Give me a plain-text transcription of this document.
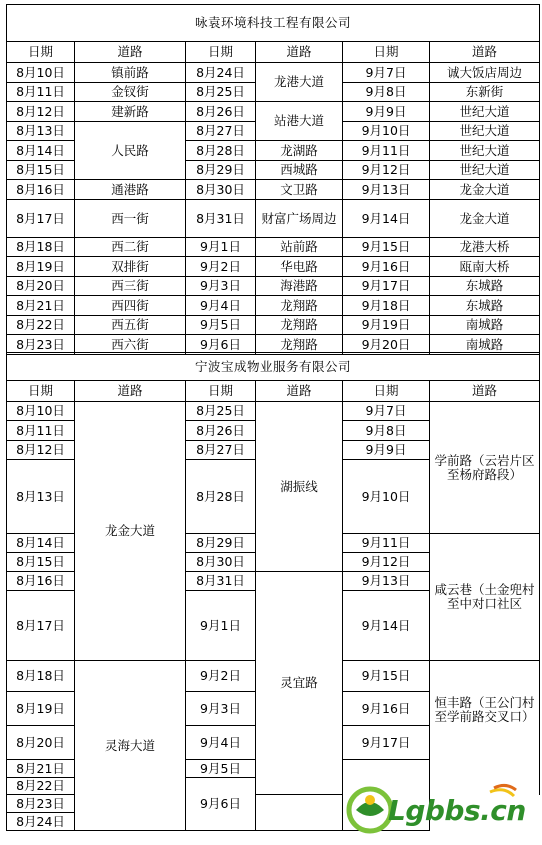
咏袁环境科技工程有限公司					
日期	道路	日期	道路	日期	道路
8月10日	镇前路	8月24日	龙港大道	9月7日	诚大饭店周边
8月11日	金钗街	8月25日		9月8日	东新街
8月12日	建新路	8月26日	站港大道	9月9日	世纪大道
8月13日	人民路	8月27日		9月10日	世纪大道
8月14日		8月28日	龙湖路	9月11日	世纪大道
8月15日		8月29日	西城路	9月12日	世纪大道
8月16日	通港路	8月30日	文卫路	9月13日	龙金大道
8月17日	西一街	8月31日	财富广场周边	9月14日	龙金大道
8月18日	西二街	9月1日	站前路	9月15日	龙港大桥
8月19日	双排街	9月2日	华电路	9月16日	瓯南大桥
8月20日	西三街	9月3日	海港路	9月17日	东城路
8月21日	西四街	9月4日	龙翔路	9月18日	东城路
8月22日	西五街	9月5日	龙翔路	9月19日	南城路
8月23日	西六街	9月6日	龙翔路	9月20日	南城路
宁波宝成物业服务有限公司					
日期	道路	日期	道路	日期	道路
8月10日	龙金大道	8月25日	湖振线	9月7日	学前路（云岩片区至杨府路段）
8月11日		8月26日		9月8日	
8月12日		8月27日		9月9日	
8月13日		8月28日		9月10日	
8月14日		8月29日		9月11日	咸云巷（土金兜村至中对口社区
8月15日		8月30日		9月12日	
8月16日		8月31日	灵宜路	9月13日	
8月17日		9月1日		9月14日	
8月18日	灵海大道	9月2日		9月15日	恒丰路（王公门村至学前路交叉口）
8月19日		9月3日		9月16日	
8月20日		9月4日		9月17日	
8月21日		9月5日			
8月22日		9月6日			
8月23日					
8月24日						Lgbbs.cn
